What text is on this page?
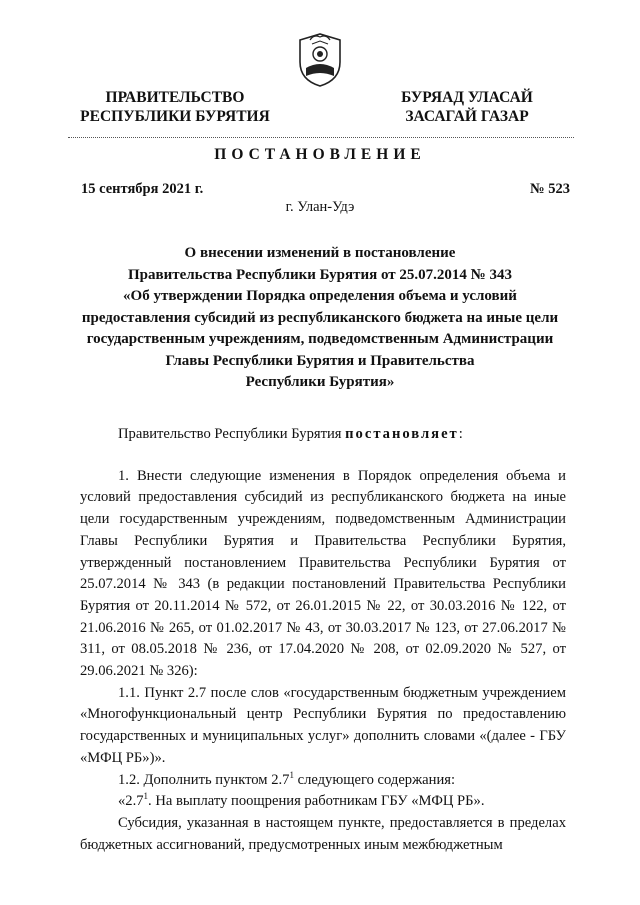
ПРАВИТЕЛЬСТВО
РЕСПУБЛИКИ БУРЯТИЯ
БУРЯАД УЛАСАЙ
ЗАСАГАЙ ГАЗАР
ПОСТАНОВЛЕНИЕ
15 сентября 2021 г.	№ 523
г. Улан-Удэ
О внесении изменений в постановление
Правительства Республики Бурятия от 25.07.2014 № 343
«Об утверждении Порядка определения объема и условий
предоставления субсидий из республиканского бюджета на иные цели
государственным учреждениям, подведомственным Администрации
Главы Республики Бурятия и Правительства
Республики Бурятия»

Правительство Республики Бурятия постановляет:

1. Внести следующие изменения в Порядок определения объема и условий предоставления субсидий из республиканского бюджета на иные цели государственным учреждениям, подведомственным Администрации Главы Республики Бурятия и Правительства Республики Бурятия, утвержденный постановлением Правительства Республики Бурятия от 25.07.2014 № 343 (в редакции постановлений Правительства Республики Бурятия от 20.11.2014 № 572, от 26.01.2015 № 22, от 30.03.2016 № 122, от 21.06.2016 № 265, от 01.02.2017 № 43, от 30.03.2017 № 123, от 27.06.2017 № 311, от 08.05.2018 № 236, от 17.04.2020 № 208, от 02.09.2020 № 527, от 29.06.2021 № 326):

1.1. Пункт 2.7 после слов «государственным бюджетным учреждением «Многофункциональный центр Республики Бурятия по предоставлению государственных и муниципальных услуг» дополнить словами «(далее - ГБУ «МФЦ РБ»)».

1.2. Дополнить пунктом $2.7^1$ следующего содержания:

«$2.7^1$. На выплату поощрения работникам ГБУ «МФЦ РБ».

Субсидия, указанная в настоящем пункте, предоставляется в пределах бюджетных ассигнований, предусмотренных иным межбюджетным
